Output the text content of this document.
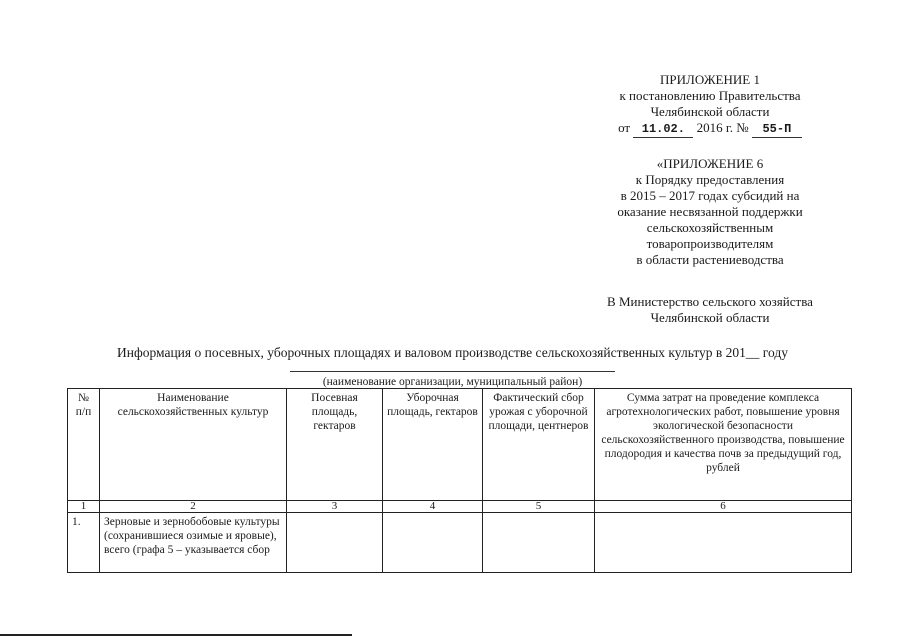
ПРИЛОЖЕНИЕ 1
к постановлению Правительства
Челябинской области
от 11.02. 2016 г. № 55-П
«ПРИЛОЖЕНИЕ 6
к Порядку предоставления
в 2015 – 2017 годах субсидий на
оказание несвязанной поддержки
сельскохозяйственным
товаропроизводителям
в области растениеводства
В Министерство сельского хозяйства
Челябинской области
Информация о посевных, уборочных площадях и валовом производстве сельскохозяйственных культур в 201__ году
(наименование организации, муниципальный район)
№ п/п	Наименование сельскохозяйственных культур	Посевная площадь, гектаров	Уборочная площадь, гектаров	Фактический сбор урожая с уборочной площади, центнеров	Сумма затрат на проведение комплекса агротехнологических работ, повышение уровня экологической безопасности сельскохозяйственного производства, повышение плодородия и качества почв за предыдущий год, рублей
1	2	3	4	5	6
1.	Зерновые и зернобобовые культуры (сохранившиеся озимые и яровые), всего (графа 5 – указывается сбор				
